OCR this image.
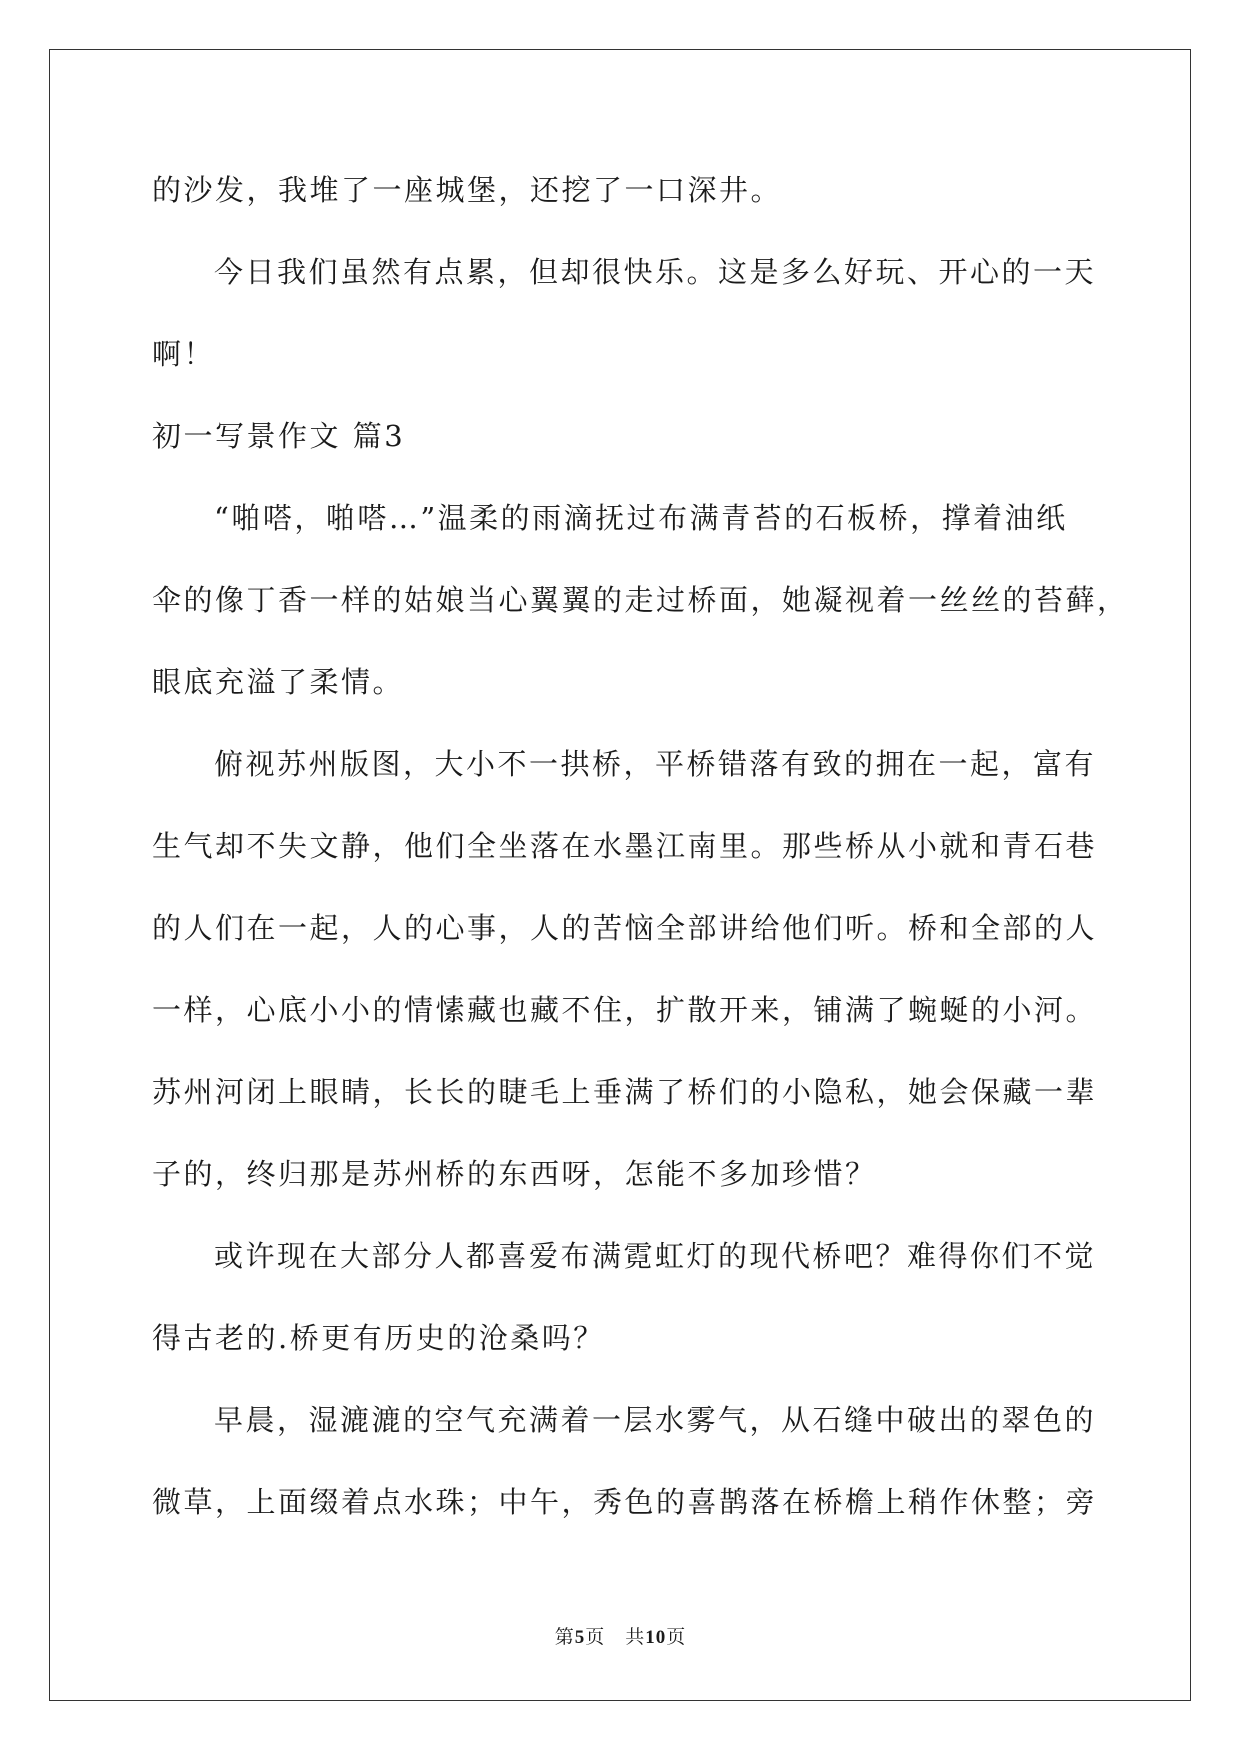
的沙发，我堆了一座城堡，还挖了一口深井。
今日我们虽然有点累，但却很快乐。这是多么好玩、开心的一天
啊！
初一写景作文 篇3
“啪嗒，啪嗒…”温柔的雨滴抚过布满青苔的石板桥，撑着油纸
伞的像丁香一样的姑娘当心翼翼的走过桥面，她凝视着一丝丝的苔藓，
眼底充溢了柔情。
俯视苏州版图，大小不一拱桥，平桥错落有致的拥在一起，富有
生气却不失文静，他们全坐落在水墨江南里。那些桥从小就和青石巷
的人们在一起，人的心事，人的苦恼全部讲给他们听。桥和全部的人
一样，心底小小的情愫藏也藏不住，扩散开来，铺满了蜿蜒的小河。
苏州河闭上眼睛，长长的睫毛上垂满了桥们的小隐私，她会保藏一辈
子的，终归那是苏州桥的东西呀，怎能不多加珍惜？
或许现在大部分人都喜爱布满霓虹灯的现代桥吧？难得你们不觉
得古老的.桥更有历史的沧桑吗？
早晨，湿漉漉的空气充满着一层水雾气，从石缝中破出的翠色的
微草，上面缀着点水珠；中午，秀色的喜鹊落在桥檐上稍作休整；旁
第5页　共10页
